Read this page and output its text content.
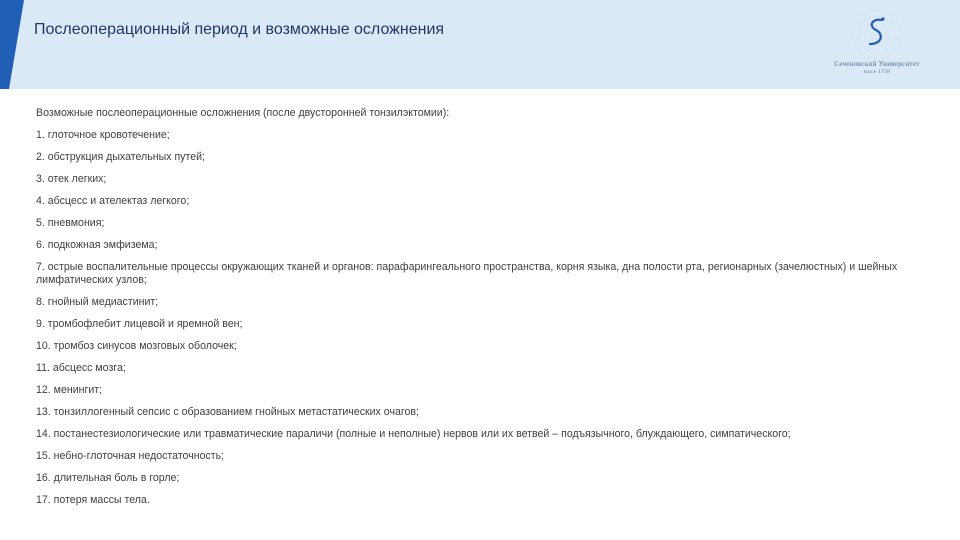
Послеоперационный период и возможные осложнения
Сеченовский Университет
since 1758
Возможные послеоперационные осложнения (после двусторонней тонзилэктомии):
1. глоточное кровотечение;
2. обструкция дыхательных путей;
3. отек легких;
4. абсцесс и ателектаз легкого;
5. пневмония;
6. подкожная эмфизема;
7. острые воспалительные процессы окружающих тканей и органов: парафарингеального пространства, корня языка, дна полости рта, регионарных (зачелюстных) и шейных лимфатических узлов;
8. гнойный медиастинит;
9. тромбофлебит лицевой и яремной вен;
10. тромбоз синусов мозговых оболочек;
11. абсцесс мозга;
12. менингит;
13. тонзиллогенный сепсис с образованием гнойных метастатических очагов;
14. постанестезиологические или травматические параличи (полные и неполные) нервов или их ветвей – подъязычного, блуждающего, симпатического;
15. небно-глоточная недостаточность;
16. длительная боль в горле;
17. потеря массы тела.
